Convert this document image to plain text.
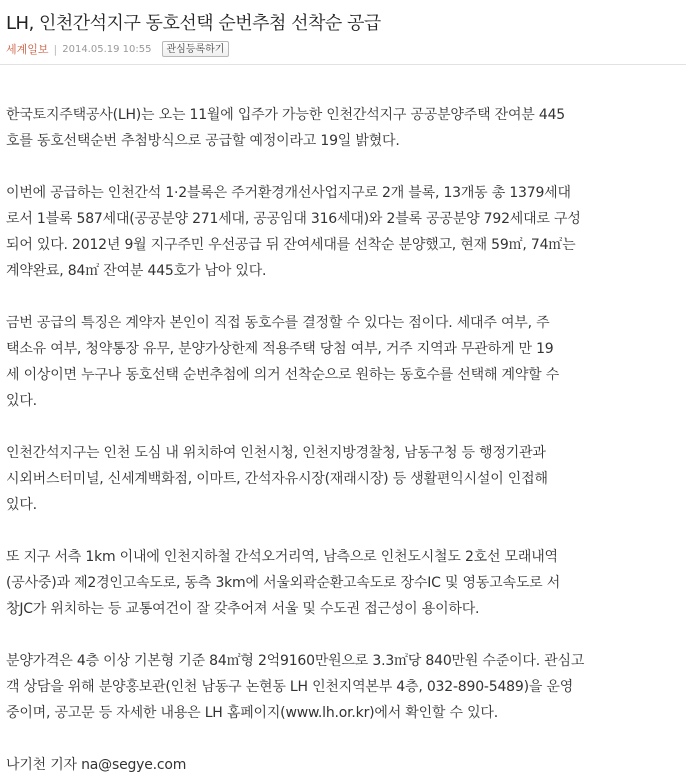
LH, 인천간석지구 동호선택 순번추첨 선착순 공급
세계일보 | 2014.05.19 10:55	관심등록하기

한국토지주택공사(LH)는 오는 11월에 입주가 가능한 인천간석지구 공공분양주택 잔여분 445
호를 동호선택순번 추첨방식으로 공급할 예정이라고 19일 밝혔다.

이번에 공급하는 인천간석 1·2블록은 주거환경개선사업지구로 2개 블록, 13개동 총 1379세대
로서 1블록 587세대(공공분양 271세대, 공공임대 316세대)와 2블록 공공분양 792세대로 구성
되어 있다. 2012년 9월 지구주민 우선공급 뒤 잔여세대를 선착순 분양했고, 현재 59㎡, 74㎡는
계약완료, 84㎡ 잔여분 445호가 남아 있다.

금번 공급의 특징은 계약자 본인이 직접 동호수를 결정할 수 있다는 점이다. 세대주 여부, 주
택소유 여부, 청약통장 유무, 분양가상한제 적용주택 당첨 여부, 거주 지역과 무관하게 만 19
세 이상이면 누구나 동호선택 순번추첨에 의거 선착순으로 원하는 동호수를 선택해 계약할 수
있다.

인천간석지구는 인천 도심 내 위치하여 인천시청, 인천지방경찰청, 남동구청 등 행정기관과
시외버스터미널, 신세계백화점, 이마트, 간석자유시장(재래시장) 등 생활편익시설이 인접해
있다.

또 지구 서측 1km 이내에 인천지하철 간석오거리역, 남측으로 인천도시철도 2호선 모래내역
(공사중)과 제2경인고속도로, 동측 3km에 서울외곽순환고속도로 장수IC 및 영동고속도로 서
창JC가 위치하는 등 교통여건이 잘 갖추어져 서울 및 수도권 접근성이 용이하다.

분양가격은 4층 이상 기본형 기준 84㎡형 2억9160만원으로 3.3㎡당 840만원 수준이다. 관심고
객 상담을 위해 분양홍보관(인천 남동구 논현동 LH 인천지역본부 4층, 032-890-5489)을 운영
중이며, 공고문 등 자세한 내용은 LH 홈페이지(www.lh.or.kr)에서 확인할 수 있다.

나기천 기자 na@segye.com
